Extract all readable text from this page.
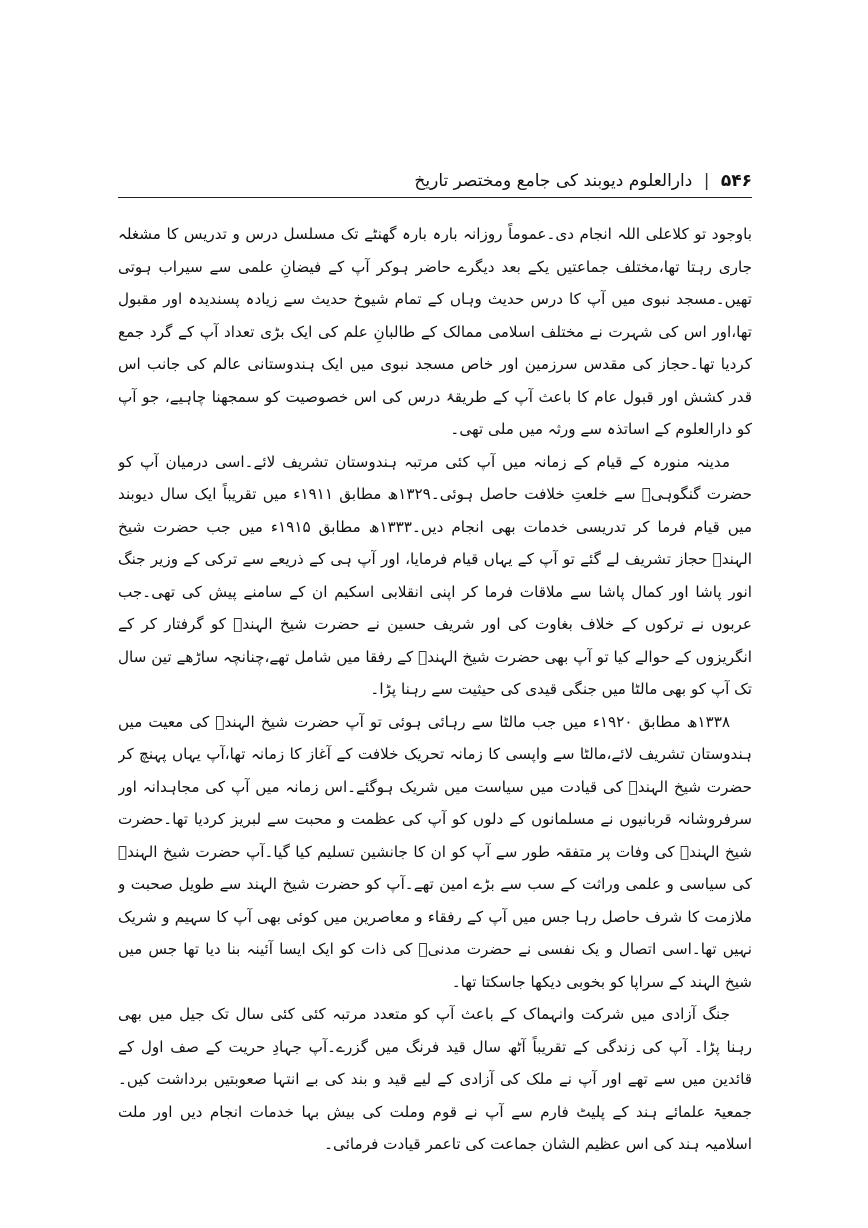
۵۴۶ | دارالعلوم دیوبند کی جامع ومختصر تاریخ

باوجود تو کلاعلی اللہ انجام دی۔عموماً روزانہ بارہ بارہ گھنٹے تک مسلسل درس و تدریس کا مشغلہ جاری رہتا تھا،مختلف جماعتیں یکے بعد دیگرے حاضر ہوکر آپ کے فیضانِ علمی سے سیراب ہوتی تھیں۔مسجد نبوی میں آپ کا درس حدیث وہاں کے تمام شیوخ حدیث سے زیادہ پسندیدہ اور مقبول تھا،اور اس کی شہرت نے مختلف اسلامی ممالک کے طالبانِ علم کی ایک بڑی تعداد آپ کے گرد جمع کردیا تھا۔حجاز کی مقدس سرزمین اور خاص مسجد نبوی میں ایک ہندوستانی عالم کی جانب اس قدر کشش اور قبول عام کا باعث آپ کے طریقۂ درس کی اس خصوصیت کو سمجھنا چاہیے، جو آپ کو دارالعلوم کے اساتذہ سے ورثہ میں ملی تھی۔

مدینہ منورہ کے قیام کے زمانہ میں آپ کئی مرتبہ ہندوستان تشریف لائے۔اسی درمیان آپ کو حضرت گنگوہیؒ سے خلعتِ خلافت حاصل ہوئی۔۱۳۲۹ھ مطابق ۱۹۱۱ء میں تقریباً ایک سال دیوبند میں قیام فرما کر تدریسی خدمات بھی انجام دیں۔۱۳۳۳ھ مطابق ۱۹۱۵ء میں جب حضرت شیخ الہندؒ حجاز تشریف لے گئے تو آپ کے یہاں قیام فرمایا، اور آپ ہی کے ذریعے سے ترکی کے وزیر جنگ انور پاشا اور کمال پاشا سے ملاقات فرما کر اپنی انقلابی اسکیم ان کے سامنے پیش کی تھی۔جب عربوں نے ترکوں کے خلاف بغاوت کی اور شریف حسین نے حضرت شیخ الہندؒ کو گرفتار کر کے انگریزوں کے حوالے کیا تو آپ بھی حضرت شیخ الہندؒ کے رفقا میں شامل تھے،چنانچہ ساڑھے تین سال تک آپ کو بھی مالٹا میں جنگی قیدی کی حیثیت سے رہنا پڑا۔

۱۳۳۸ھ مطابق ۱۹۲۰ء میں جب مالٹا سے رہائی ہوئی تو آپ حضرت شیخ الہندؒ کی معیت میں ہندوستان تشریف لائے،مالٹا سے واپسی کا زمانہ تحریک خلافت کے آغاز کا زمانہ تھا،آپ یہاں پہنچ کر حضرت شیخ الہندؒ کی قیادت میں سیاست میں شریک ہوگئے۔اس زمانہ میں آپ کی مجاہدانہ اور سرفروشانہ قربانیوں نے مسلمانوں کے دلوں کو آپ کی عظمت و محبت سے لبریز کردیا تھا۔حضرت شیخ الہندؒ کی وفات پر متفقہ طور سے آپ کو ان کا جانشین تسلیم کیا گیا۔آپ حضرت شیخ الہندؒ کی سیاسی و علمی وراثت کے سب سے بڑے امین تھے۔آپ کو حضرت شیخ الہند سے طویل صحبت و ملازمت کا شرف حاصل رہا جس میں آپ کے رفقاء و معاصرین میں کوئی بھی آپ کا سہیم و شریک نہیں تھا۔اسی اتصال و یک نفسی نے حضرت مدنیؒ کی ذات کو ایک ایسا آئینہ بنا دیا تھا جس میں شیخ الہند کے سراپا کو بخوبی دیکھا جاسکتا تھا۔

جنگ آزادی میں شرکت وانہماک کے باعث آپ کو متعدد مرتبہ کئی کئی سال تک جیل میں بھی رہنا پڑا۔ آپ کی زندگی کے تقریباً آٹھ سال قید فرنگ میں گزرے۔آپ جہادِ حریت کے صف اول کے قائدین میں سے تھے اور آپ نے ملک کی آزادی کے لیے قید و بند کی بے انتہا صعوبتیں برداشت کیں۔جمعیۃ علمائے ہند کے پلیٹ فارم سے آپ نے قوم وملت کی بیش بہا خدمات انجام دیں اور ملت اسلامیہ ہند کی اس عظیم الشان جماعت کی تاعمر قیادت فرمائی۔
